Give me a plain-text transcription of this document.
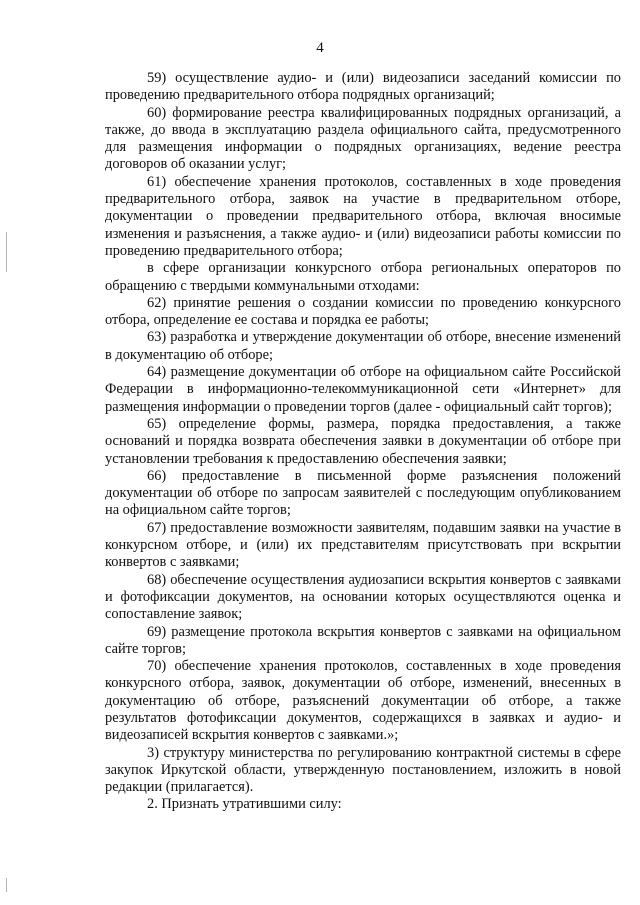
4

59) осуществление аудио- и (или) видеозаписи заседаний комиссии по проведению предварительного отбора подрядных организаций;

60) формирование реестра квалифицированных подрядных организаций, а также, до ввода в эксплуатацию раздела официального сайта, предусмотренного для размещения информации о подрядных организациях, ведение реестра договоров об оказании услуг;

61) обеспечение хранения протоколов, составленных в ходе проведения предварительного отбора, заявок на участие в предварительном отборе, документации о проведении предварительного отбора, включая вносимые изменения и разъяснения, а также аудио- и (или) видеозаписи работы комиссии по проведению предварительного отбора;

в сфере организации конкурсного отбора региональных операторов по обращению с твердыми коммунальными отходами:

62) принятие решения о создании комиссии по проведению конкурсного отбора, определение ее состава и порядка ее работы;

63) разработка и утверждение документации об отборе, внесение изменений в документацию об отборе;

64) размещение документации об отборе на официальном сайте Российской Федерации в информационно-телекоммуникационной сети «Интернет» для размещения информации о проведении торгов (далее - официальный сайт торгов);

65) определение формы, размера, порядка предоставления, а также оснований и порядка возврата обеспечения заявки в документации об отборе при установлении требования к предоставлению обеспечения заявки;

66) предоставление в письменной форме разъяснения положений документации об отборе по запросам заявителей с последующим опубликованием на официальном сайте торгов;

67) предоставление возможности заявителям, подавшим заявки на участие в конкурсном отборе, и (или) их представителям присутствовать при вскрытии конвертов с заявками;

68) обеспечение осуществления аудиозаписи вскрытия конвертов с заявками и фотофиксации документов, на основании которых осуществляются оценка и сопоставление заявок;

69) размещение протокола вскрытия конвертов с заявками на официальном сайте торгов;

70) обеспечение хранения протоколов, составленных в ходе проведения конкурсного отбора, заявок, документации об отборе, изменений, внесенных в документацию об отборе, разъяснений документации об отборе, а также результатов фотофиксации документов, содержащихся в заявках и аудио- и видеозаписей вскрытия конвертов с заявками.»;

3) структуру министерства по регулированию контрактной системы в сфере закупок Иркутской области, утвержденную постановлением, изложить в новой редакции (прилагается).

2. Признать утратившими силу:
